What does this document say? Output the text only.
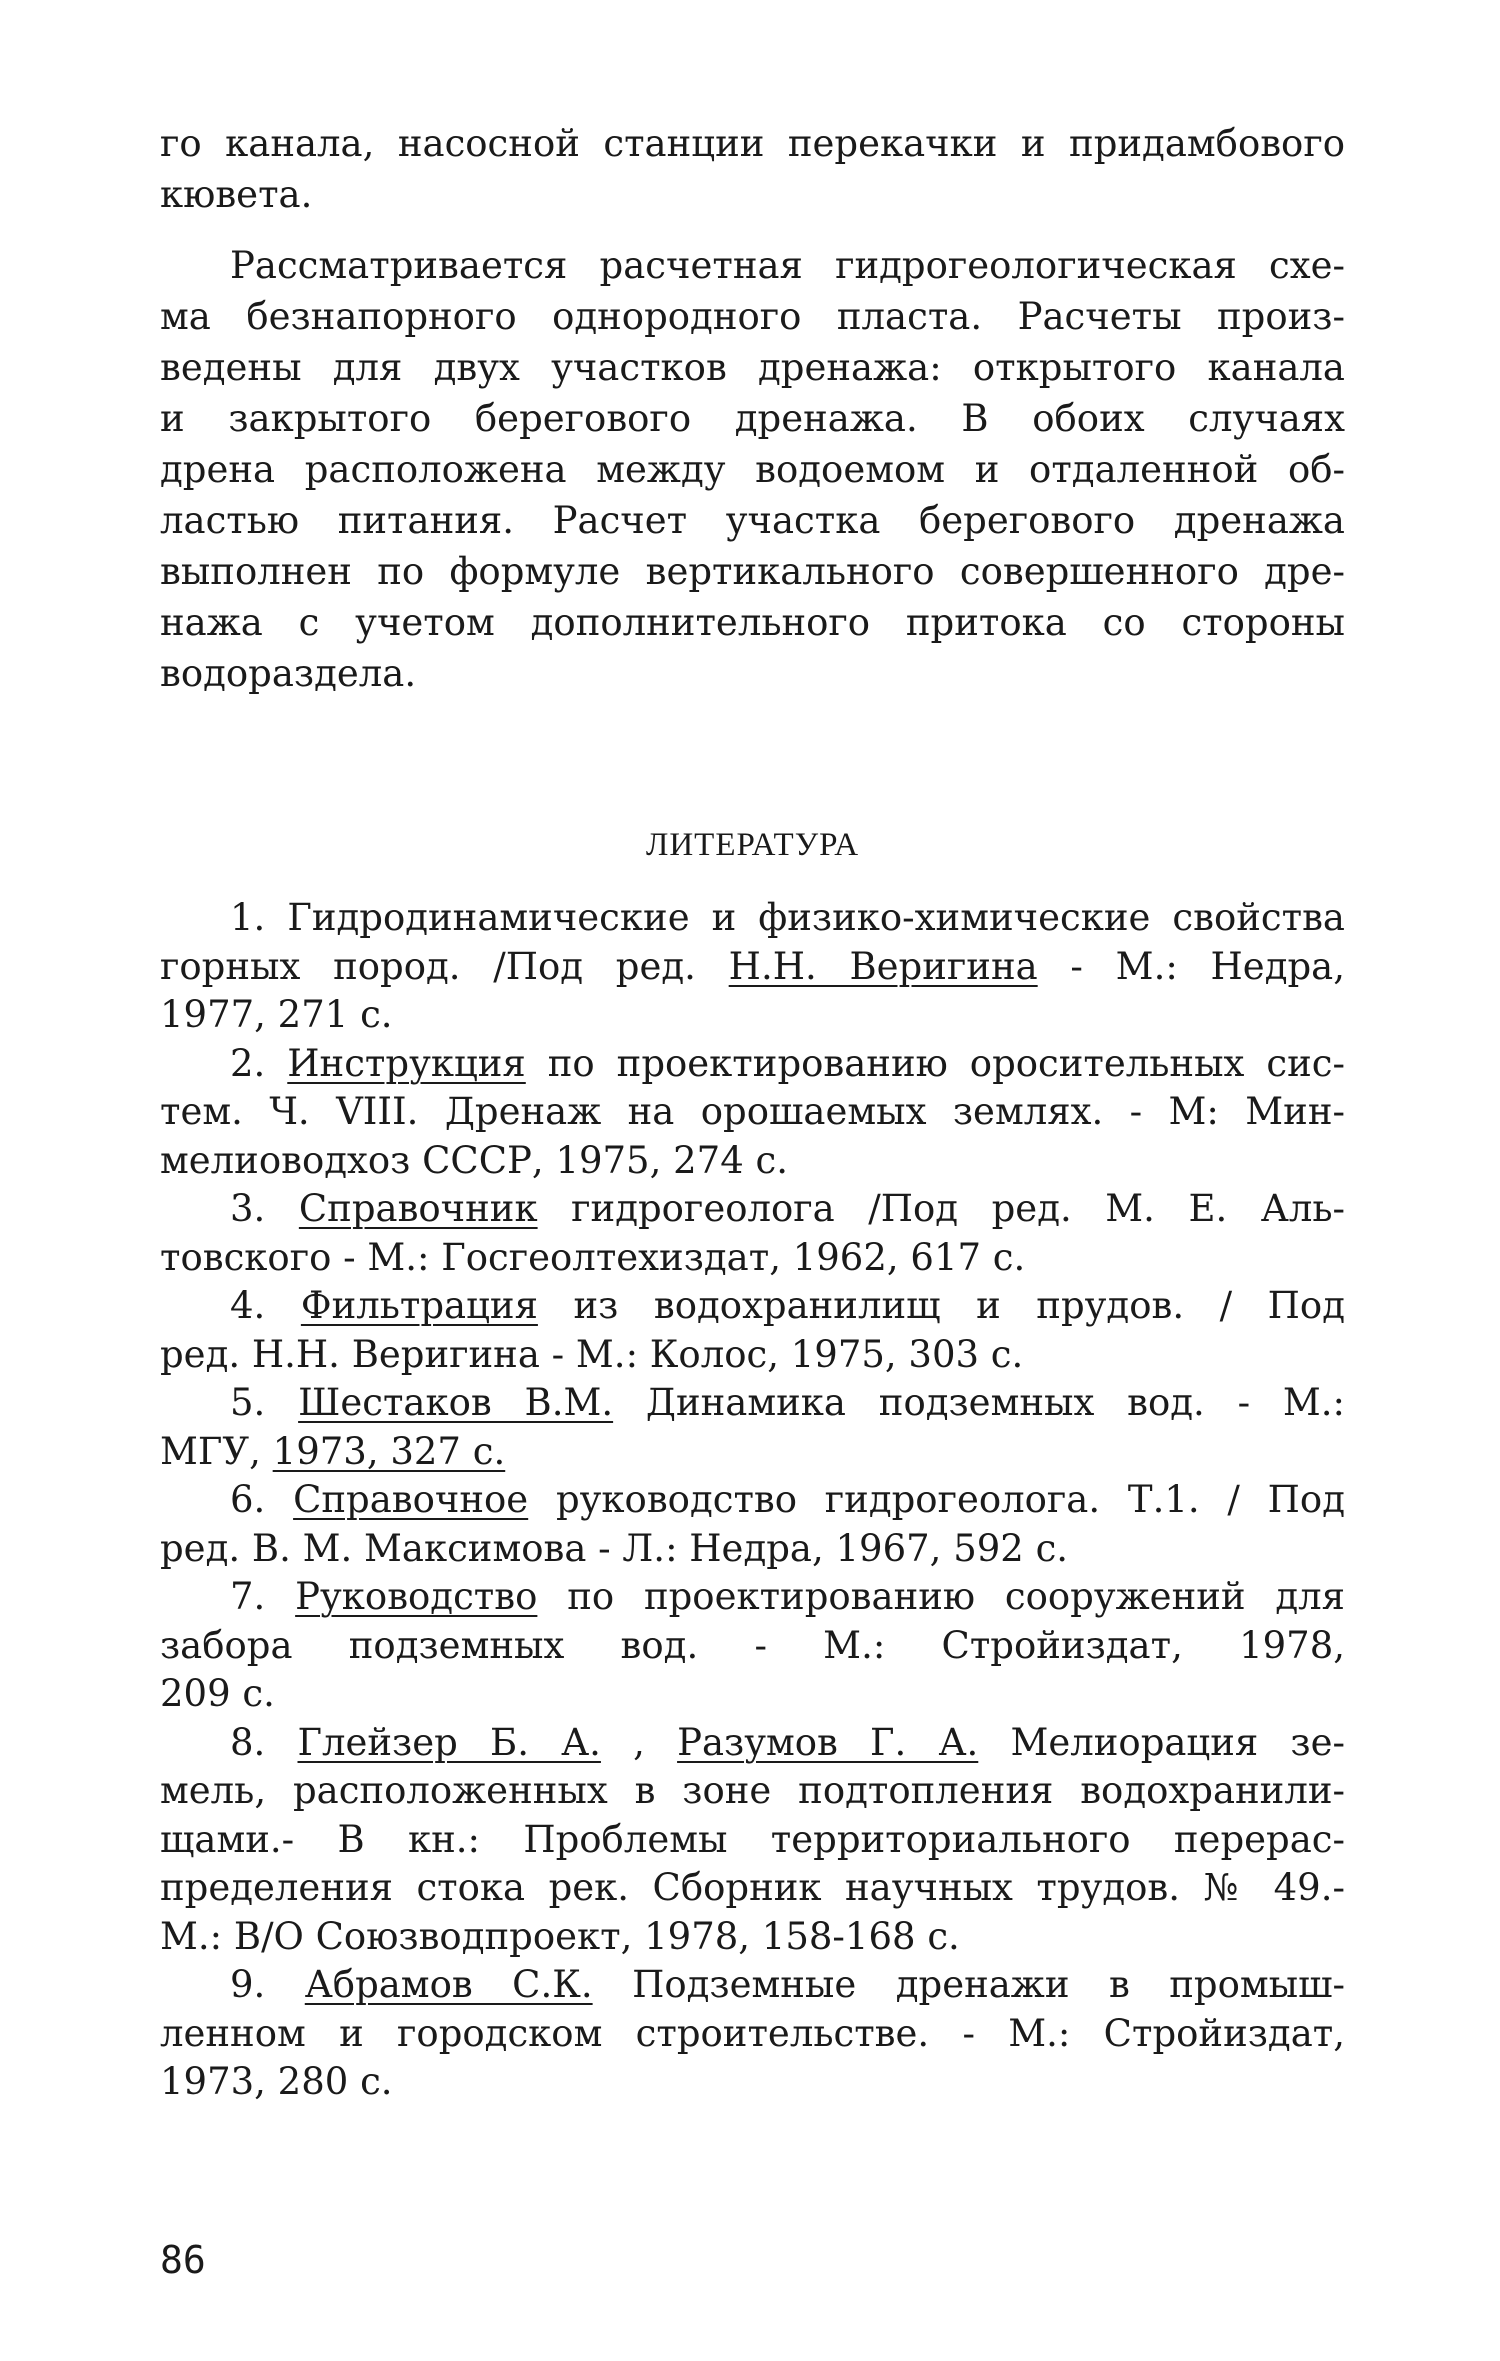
го канала, насосной станции перекачки и придамбового
кювета.
Рассматривается расчетная гидрогеологическая схе-
ма безнапорного однородного пласта. Расчеты произ-
ведены для двух участков дренажа: открытого канала
и закрытого берегового дренажа. В обоих случаях
дрена расположена между водоемом и отдаленной об-
ластью питания. Расчет участка берегового дренажа
выполнен по формуле вертикального совершенного дре-
нажа с учетом дополнительного притока со стороны
водораздела.
ЛИТЕРАТУРА
1. Гидродинамические и физико-химические свойства
горных пород. /Под ред. Н.Н. Веригина - М.: Недра,
1977, 271 с.
2. Инструкция по проектированию оросительных сис-
тем. Ч. VIII. Дренаж на орошаемых землях. - М: Мин-
мелиоводхоз СССР, 1975, 274 с.
3. Справочник гидрогеолога /Под ред. М. Е. Аль-
товского - М.: Госгеолтехиздат, 1962, 617 с.
4. Фильтрация из водохранилищ и прудов. / Под
ред. Н.Н. Веригина - М.: Колос, 1975, 303 с.
5. Шестаков В.М. Динамика подземных вод. - М.:
МГУ, 1973, 327 с.
6. Справочное руководство гидрогеолога. Т.1. / Под
ред. В. М. Максимова - Л.: Недра, 1967, 592 с.
7. Руководство по проектированию сооружений для
забора подземных вод. - М.: Стройиздат, 1978,
209 с.
8. Глейзер Б. А. , Разумов Г. А. Мелиорация зе-
мель, расположенных в зоне подтопления водохранили-
щами.- В кн.: Проблемы территориального перерас-
пределения стока рек. Сборник научных трудов. № 49.-
М.: В/О Союзводпроект, 1978, 158-168 с.
9. Абрамов С.К. Подземные дренажи в промыш-
ленном и городском строительстве. - М.: Стройиздат,
1973, 280 с.
86
